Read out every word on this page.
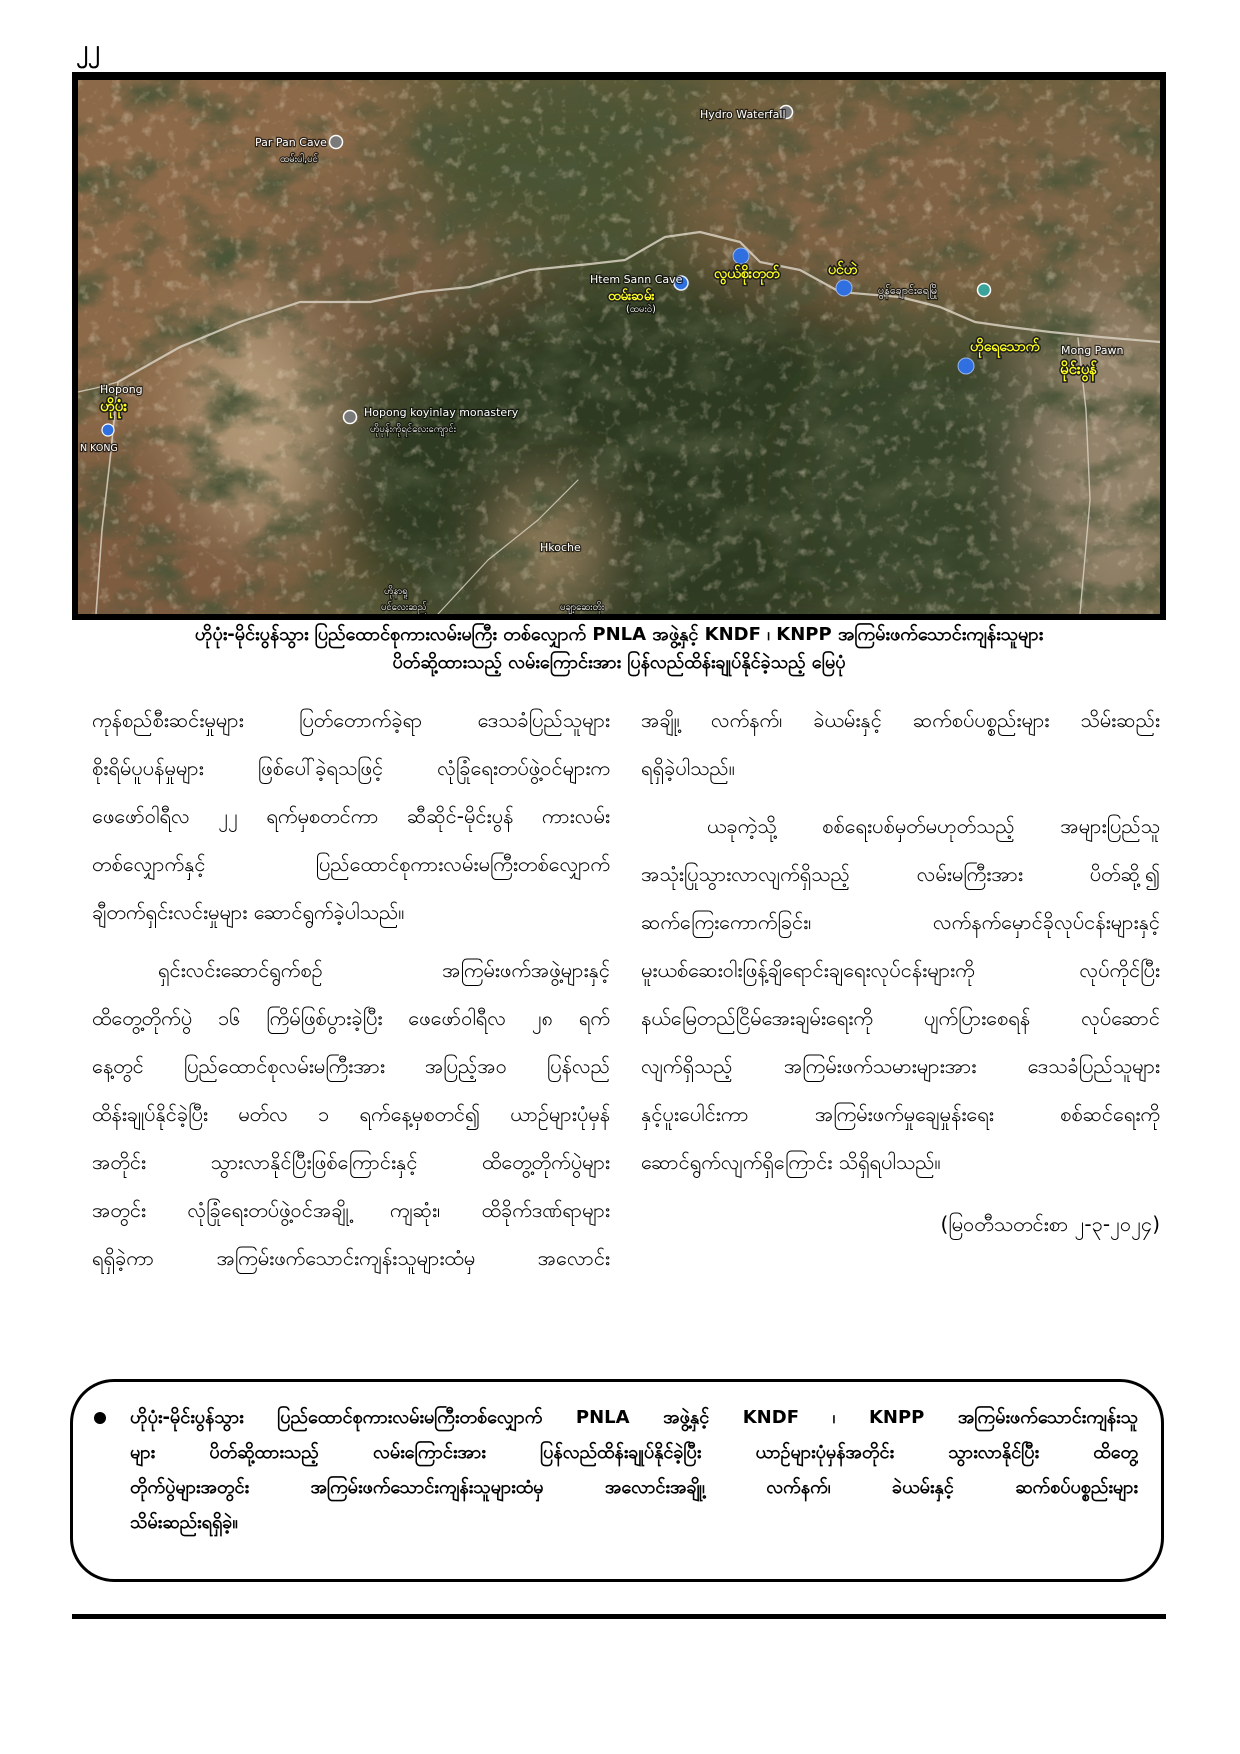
၂၂
Hydro Waterfall
Par Pan Cave
ထမ်းပါ,ပင်
Htem Sann Cave
ထမ်းဆမ်း
(ထမး၀ဲ)
လွယ်စိုးတုတ်	ပင်ဟဲ
ပွန်ချောင်းရေမြို
ဟိုရေသောက် Mong Pawn
မိုင်းပွန်
Hopong
ဟိုပုံး
N KONG
Hopong koyinlay monastery
ဟိုပုန်းကိုရင်လေးကျောင်း
Hkoche
ဟိုနာရူ
ပင်လေးဆည်	ပချာ့ဆေးတိုး
ဟိုပုံး-မိုင်းပွန်သွား ပြည်ထောင်စုကားလမ်းမကြီး တစ်လျှောက် PNLA အဖွဲ့နှင့် KNDF ၊ KNPP အကြမ်းဖက်သောင်းကျန်းသူများ
ပိတ်ဆို့ထားသည့် လမ်းကြောင်းအား ပြန်လည်ထိန်းချုပ်နိုင်ခဲ့သည့် မြေပုံ
ကုန်စည်စီးဆင်းမှုများ ပြတ်တောက်ခဲ့ရာ ဒေသခံပြည်သူများ
စိုးရိမ်ပူပန်မှုများ ဖြစ်ပေါ်ခဲ့ရသဖြင့် လုံခြုံရေးတပ်ဖွဲ့ဝင်များက
ဖေဖော်ဝါရီလ ၂၂ ရက်မှစတင်ကာ ဆီဆိုင်-မိုင်းပွန် ကားလမ်း
တစ်လျှောက်နှင့် ပြည်ထောင်စုကားလမ်းမကြီးတစ်လျှောက်
ချီတက်ရှင်းလင်းမှုများ ဆောင်ရွက်ခဲ့ပါသည်။
ရှင်းလင်းဆောင်ရွက်စဉ် အကြမ်းဖက်အဖွဲ့များနှင့်
ထိတွေ့တိုက်ပွဲ ၁၆ ကြိမ်ဖြစ်ပွားခဲ့ပြီး ဖေဖော်ဝါရီလ ၂၈ ရက်
နေ့တွင် ပြည်ထောင်စုလမ်းမကြီးအား အပြည့်အဝ ပြန်လည်
ထိန်းချုပ်နိုင်ခဲ့ပြီး မတ်လ ၁ ရက်နေ့မှစတင်၍ ယာဉ်များပုံမှန်
အတိုင်း သွားလာနိုင်ပြီးဖြစ်ကြောင်းနှင့် ထိတွေ့တိုက်ပွဲများ
အတွင်း လုံခြုံရေးတပ်ဖွဲ့ဝင်အချို့ ကျဆုံး၊ ထိခိုက်ဒဏ်ရာများ
ရရှိခဲ့ကာ အကြမ်းဖက်သောင်းကျန်းသူများထံမှ အလောင်း
အချို့၊ လက်နက်၊ ခဲယမ်းနှင့် ဆက်စပ်ပစ္စည်းများ သိမ်းဆည်း
ရရှိခဲ့ပါသည်။
ယခုကဲ့သို့ စစ်ရေးပစ်မှတ်မဟုတ်သည့် အများပြည်သူ
အသုံးပြုသွားလာလျက်ရှိသည့် လမ်းမကြီးအား ပိတ်ဆို့၍
ဆက်ကြေးကောက်ခြင်း၊ လက်နက်မှောင်ခိုလုပ်ငန်းများနှင့်
မူးယစ်ဆေးဝါးဖြန့်ချိရောင်းချရေးလုပ်ငန်းများကို လုပ်ကိုင်ပြီး
နယ်မြေတည်ငြိမ်အေးချမ်းရေးကို ပျက်ပြားစေရန် လုပ်ဆောင်
လျက်ရှိသည့် အကြမ်းဖက်သမားများအား ဒေသခံပြည်သူများ
နှင့်ပူးပေါင်းကာ အကြမ်းဖက်မှုချေမှုန်းရေး စစ်ဆင်ရေးကို
ဆောင်ရွက်လျက်ရှိကြောင်း သိရှိရပါသည်။
(မြဝတီသတင်းစာ ၂-၃-၂၀၂၄)
ဟိုပုံး-မိုင်းပွန်သွား ပြည်ထောင်စုကားလမ်းမကြီးတစ်လျှောက် PNLA အဖွဲ့နှင့် KNDF ၊ KNPP အကြမ်းဖက်သောင်းကျန်းသူ
များ ပိတ်ဆို့ထားသည့် လမ်းကြောင်းအား ပြန်လည်ထိန်းချုပ်နိုင်ခဲ့ပြီး ယာဉ်များပုံမှန်အတိုင်း သွားလာနိုင်ပြီး ထိတွေ့
တိုက်ပွဲများအတွင်း အကြမ်းဖက်သောင်းကျန်းသူများထံမှ အလောင်းအချို့၊ လက်နက်၊ ခဲယမ်းနှင့် ဆက်စပ်ပစ္စည်းများ
သိမ်းဆည်းရရှိခဲ့။
